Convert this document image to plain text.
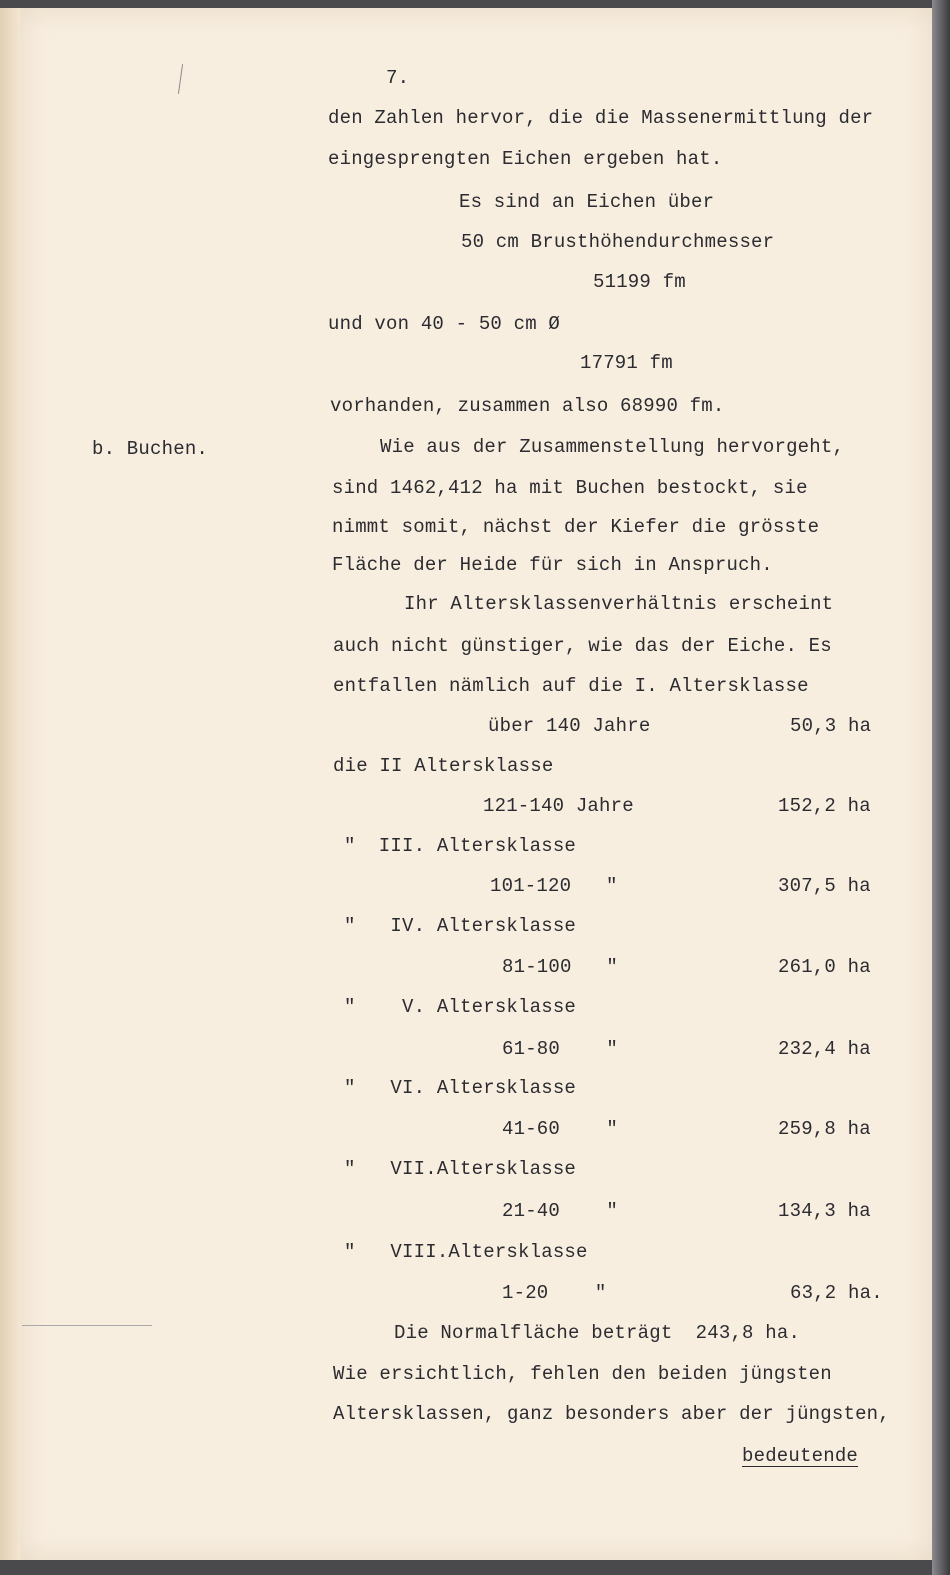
7.
den Zahlen hervor, die die Massenermittlung der
eingesprengten Eichen ergeben hat.
Es sind an Eichen über
50 cm Brusthöhendurchmesser
51199 fm
und von 40 - 50 cm Ø
17791 fm
vorhanden, zusammen also 68990 fm.
b. Buchen.	Wie aus der Zusammenstellung hervorgeht,
sind 1462,412 ha mit Buchen bestockt, sie
nimmt somit, nächst der Kiefer die grösste
Fläche der Heide für sich in Anspruch.
Ihr Altersklassenverhältnis erscheint
auch nicht günstiger, wie das der Eiche. Es
entfallen nämlich auf die I. Altersklasse
über 140 Jahre	50,3 ha
die II Altersklasse
121-140 Jahre	152,2 ha
"  III. Altersklasse
101-120   "	307,5 ha
"   IV. Altersklasse
81-100   "	261,0 ha
"    V. Altersklasse
61-80    "	232,4 ha
"   VI. Altersklasse
41-60    "	259,8 ha
"   VII.Altersklasse
21-40    "	134,3 ha
"   VIII.Altersklasse
1-20    "	63,2 ha.
Die Normalfläche beträgt  243,8 ha.
Wie ersichtlich, fehlen den beiden jüngsten
Altersklassen, ganz besonders aber der jüngsten,
bedeutende
